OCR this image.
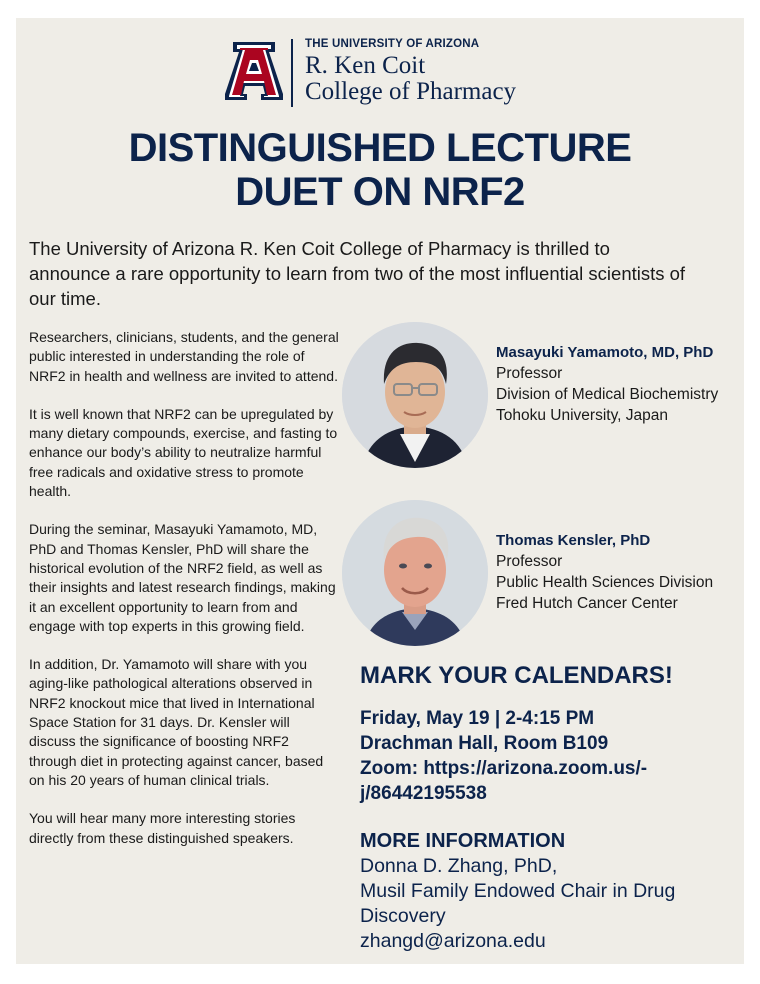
THE UNIVERSITY OF ARIZONA
R. Ken Coit
College of Pharmacy
DISTINGUISHED LECTURE
DUET ON NRF2
The University of Arizona R. Ken Coit College of Pharmacy is thrilled to announce a rare opportunity to learn from two of the most influential scientists of our time.

Researchers, clinicians, students, and the general public interested in understanding the role of NRF2 in health and wellness are invited to attend.

It is well known that NRF2 can be upregulated by many dietary compounds, exercise, and fasting to enhance our body’s ability to neutralize harmful free radicals and oxidative stress to promote health.

During the seminar, Masayuki Yamamoto, MD, PhD and Thomas Kensler, PhD will share the historical evolution of the NRF2 field, as well as their insights and latest research findings, making it an excellent opportunity to learn from and engage with top experts in this growing field.

In addition, Dr. Yamamoto will share with you aging-like pathological alterations observed in NRF2 knockout mice that lived in International Space Station for 31 days. Dr. Kensler will discuss the significance of boosting NRF2 through diet in protecting against cancer, based on his 20 years of human clinical trials.

You will hear many more interesting stories directly from these distinguished speakers.

Masayuki Yamamoto, MD, PhD
Professor
Division of Medical Biochemistry
Tohoku University, Japan
Thomas Kensler, PhD
Professor
Public Health Sciences Division
Fred Hutch Cancer Center
MARK YOUR CALENDARS!
Friday, May 19 | 2-4:15 PM
Drachman Hall, Room B109
Zoom: https://arizona.zoom.us/-j/86442195538
MORE INFORMATION
Donna D. Zhang, PhD,
Musil Family Endowed Chair in Drug Discovery
zhangd@arizona.edu
